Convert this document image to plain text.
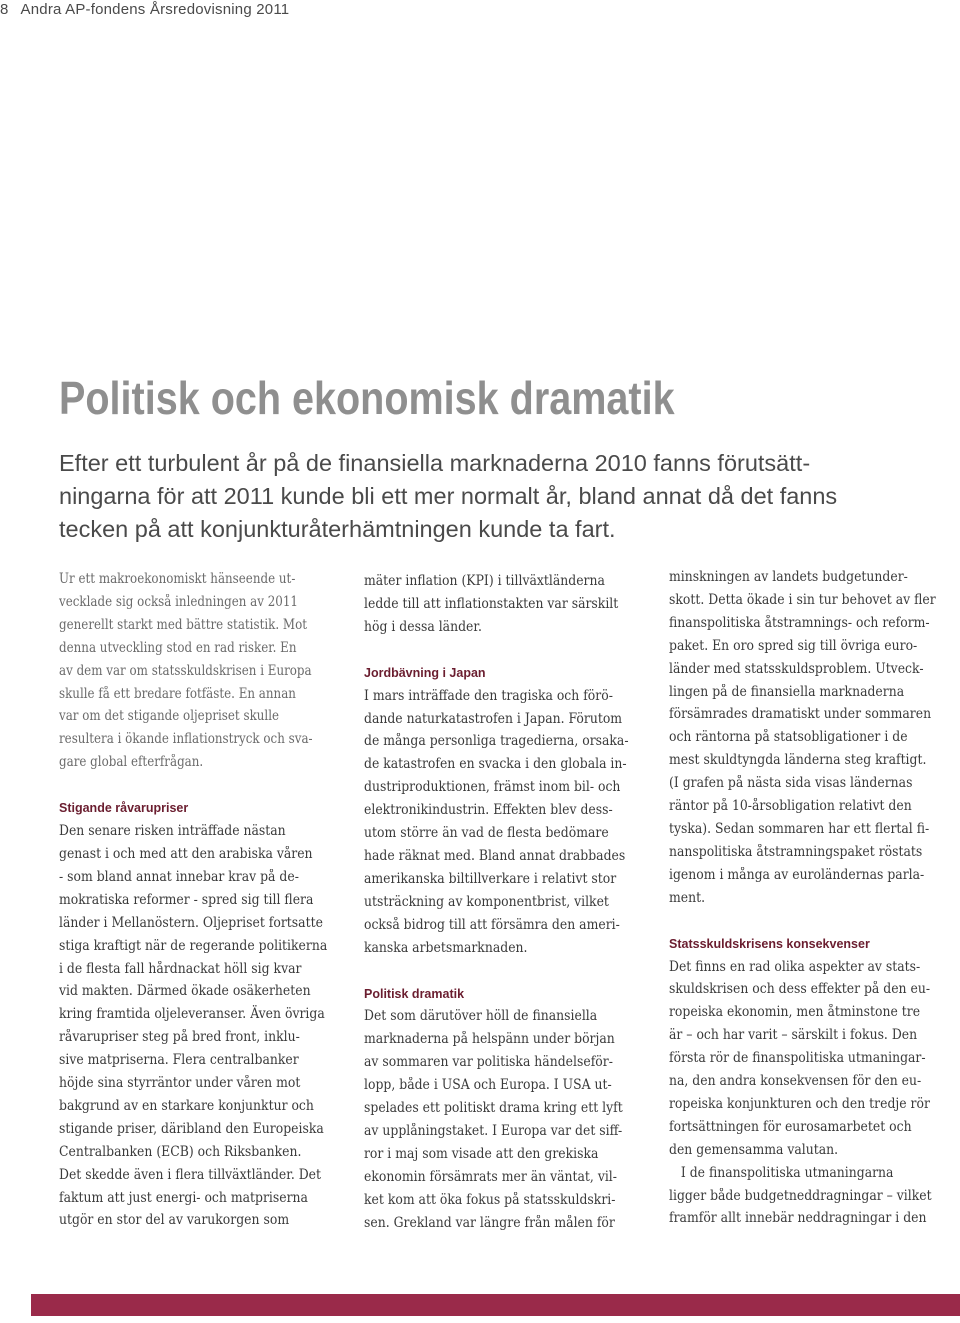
8 Andra AP-fondens Årsredovisning 2011
Politisk och ekonomisk dramatik
Efter ett turbulent år på de finansiella marknaderna 2010 fanns förutsätt-
ningarna för att 2011 kunde bli ett mer normalt år, bland annat då det fanns
tecken på att konjunkturåterhämtningen kunde ta fart.
Ur ett makroekonomiskt hänseende ut-
vecklade sig också inledningen av 2011
generellt starkt med bättre statistik. Mot
denna utveckling stod en rad risker. En
av dem var om statsskuldskrisen i Europa
skulle få ett bredare fotfäste. En annan
var om det stigande oljepriset skulle
resultera i ökande inflationstryck och sva-
gare global efterfrågan.
Stigande råvarupriser
Den senare risken inträffade nästan
genast i och med att den arabiska våren
- som bland annat innebar krav på de-
mokratiska reformer - spred sig till flera
länder i Mellanöstern. Oljepriset fortsatte
stiga kraftigt när de regerande politikerna
i de flesta fall hårdnackat höll sig kvar
vid makten. Därmed ökade osäkerheten
kring framtida oljeleveranser. Även övriga
råvarupriser steg på bred front, inklu-
sive matpriserna. Flera centralbanker
höjde sina styrräntor under våren mot
bakgrund av en starkare konjunktur och
stigande priser, däribland den Europeiska
Centralbanken (ECB) och Riksbanken.
Det skedde även i flera tillväxtländer. Det
faktum att just energi- och matpriserna
utgör en stor del av varukorgen som
mäter inflation (KPI) i tillväxtländerna
ledde till att inflationstakten var särskilt
hög i dessa länder.
Jordbävning i Japan
I mars inträffade den tragiska och förö-
dande naturkatastrofen i Japan. Förutom
de många personliga tragedierna, orsaka-
de katastrofen en svacka i den globala in-
dustriproduktionen, främst inom bil- och
elektronikindustrin. Effekten blev dess-
utom större än vad de flesta bedömare
hade räknat med. Bland annat drabbades
amerikanska biltillverkare i relativt stor
utsträckning av komponentbrist, vilket
också bidrog till att försämra den ameri-
kanska arbetsmarknaden.
Politisk dramatik
Det som därutöver höll de finansiella
marknaderna på helspänn under början
av sommaren var politiska händelseför-
lopp, både i USA och Europa. I USA ut-
spelades ett politiskt drama kring ett lyft
av upplåningstaket. I Europa var det siff-
ror i maj som visade att den grekiska
ekonomin försämrats mer än väntat, vil-
ket kom att öka fokus på statsskuldskri-
sen. Grekland var längre från målen för
minskningen av landets budgetunder-
skott. Detta ökade i sin tur behovet av fler
finanspolitiska åtstramnings- och reform-
paket. En oro spred sig till övriga euro-
länder med statsskuldsproblem. Utveck-
lingen på de finansiella marknaderna
försämrades dramatiskt under sommaren
och räntorna på statsobligationer i de
mest skuldtyngda länderna steg kraftigt.
(I grafen på nästa sida visas ländernas
räntor på 10-årsobligation relativt den
tyska). Sedan sommaren har ett flertal fi-
nanspolitiska åtstramningspaket röstats
igenom i många av euroländernas parla-
ment.
Statsskuldskrisens konsekvenser
Det finns en rad olika aspekter av stats-
skuldskrisen och dess effekter på den eu-
ropeiska ekonomin, men åtminstone tre
är – och har varit – särskilt i fokus. Den
första rör de finanspolitiska utmaningar-
na, den andra konsekvensen för den eu-
ropeiska konjunkturen och den tredje rör
fortsättningen för eurosamarbetet och
den gemensamma valutan.
I de finanspolitiska utmaningarna
ligger både budgetneddragningar – vilket
framför allt innebär neddragningar i den
